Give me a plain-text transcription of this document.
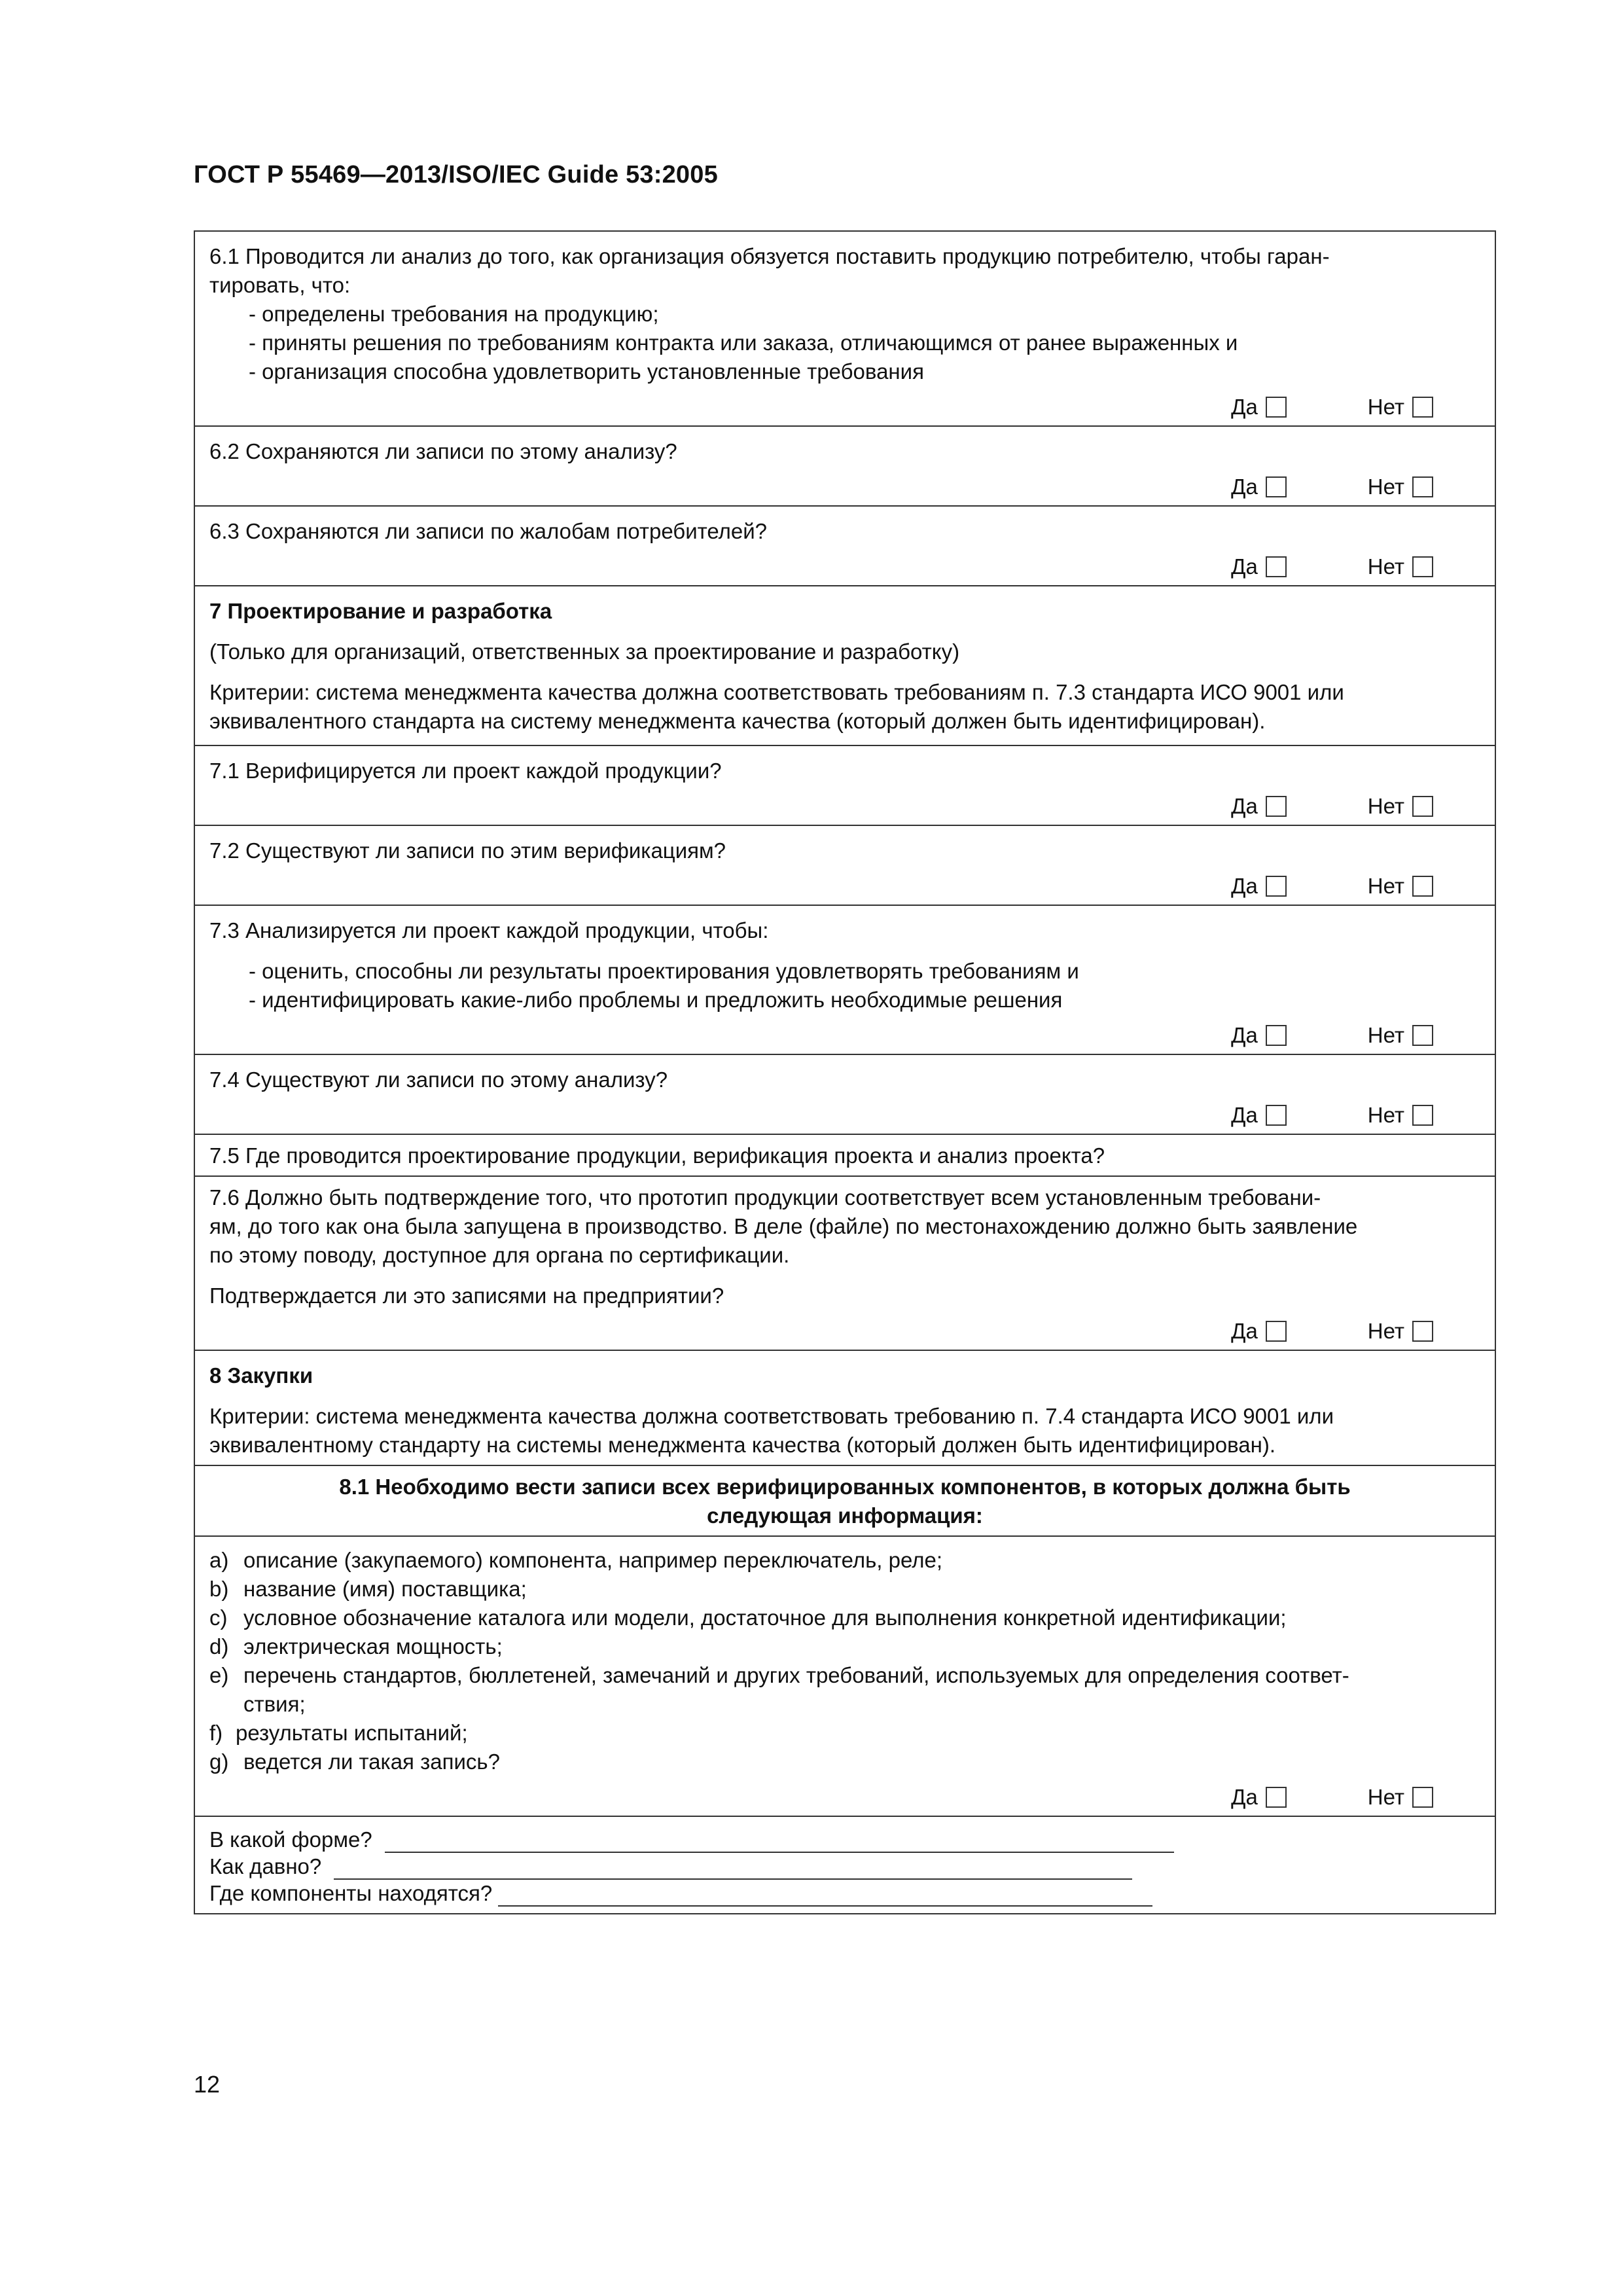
ГОСТ Р 55469—2013/ISO/IEC Guide 53:2005

6.1 Проводится ли анализ до того, как организация обязуется поставить продукцию потребителю, чтобы гаран-

тировать, что:

- определены требования на продукцию;

- приняты решения по требованиям контракта или заказа, отличающимся от ранее выраженных и

- организация способна удовлетворить установленные требования

Да	Нет

6.2 Сохраняются ли записи по этому анализу?

Да	Нет

6.3 Сохраняются ли записи по жалобам потребителей?

Да	Нет

7 Проектирование и разработка

(Только для организаций, ответственных за проектирование и разработку)

Критерии: система менеджмента качества должна соответствовать требованиям п. 7.3 стандарта ИСО 9001 или

эквивалентного стандарта на систему менеджмента качества (который должен быть идентифицирован).

7.1 Верифицируется ли проект каждой продукции?

Да	Нет

7.2 Существуют ли записи по этим верификациям?

Да	Нет

7.3 Анализируется ли проект каждой продукции, чтобы:

- оценить, способны ли результаты проектирования удовлетворять требованиям и

- идентифицировать какие-либо проблемы и предложить необходимые решения

Да	Нет

7.4 Существуют ли записи по этому анализу?

Да	Нет

7.5 Где проводится проектирование продукции, верификация проекта и анализ проекта?

7.6 Должно быть подтверждение того, что прототип продукции соответствует всем установленным требовани-

ям, до того как она была запущена в производство. В деле (файле) по местонахождению должно быть заявление

по этому поводу, доступное для органа по сертификации.

Подтверждается ли это записями на предприятии?

Да	Нет

8 Закупки

Критерии: система менеджмента качества должна соответствовать требованию п. 7.4 стандарта ИСО 9001 или

эквивалентному стандарту на системы менеджмента качества (который должен быть идентифицирован).

8.1 Необходимо вести записи всех верифицированных компонентов, в которых должна быть

следующая информация:

a) описание (закупаемого) компонента, например переключатель, реле;
b) название (имя) поставщика;
c) условное обозначение каталога или модели, достаточное для выполнения конкретной идентификации;
d) электрическая мощность;
e) перечень стандартов, бюллетеней, замечаний и других требований, используемых для определения соответ-
ствия;
f) результаты испытаний;
g) ведется ли такая запись?
Да	Нет
В какой форме?
Как давно?
Где компоненты находятся?
12
